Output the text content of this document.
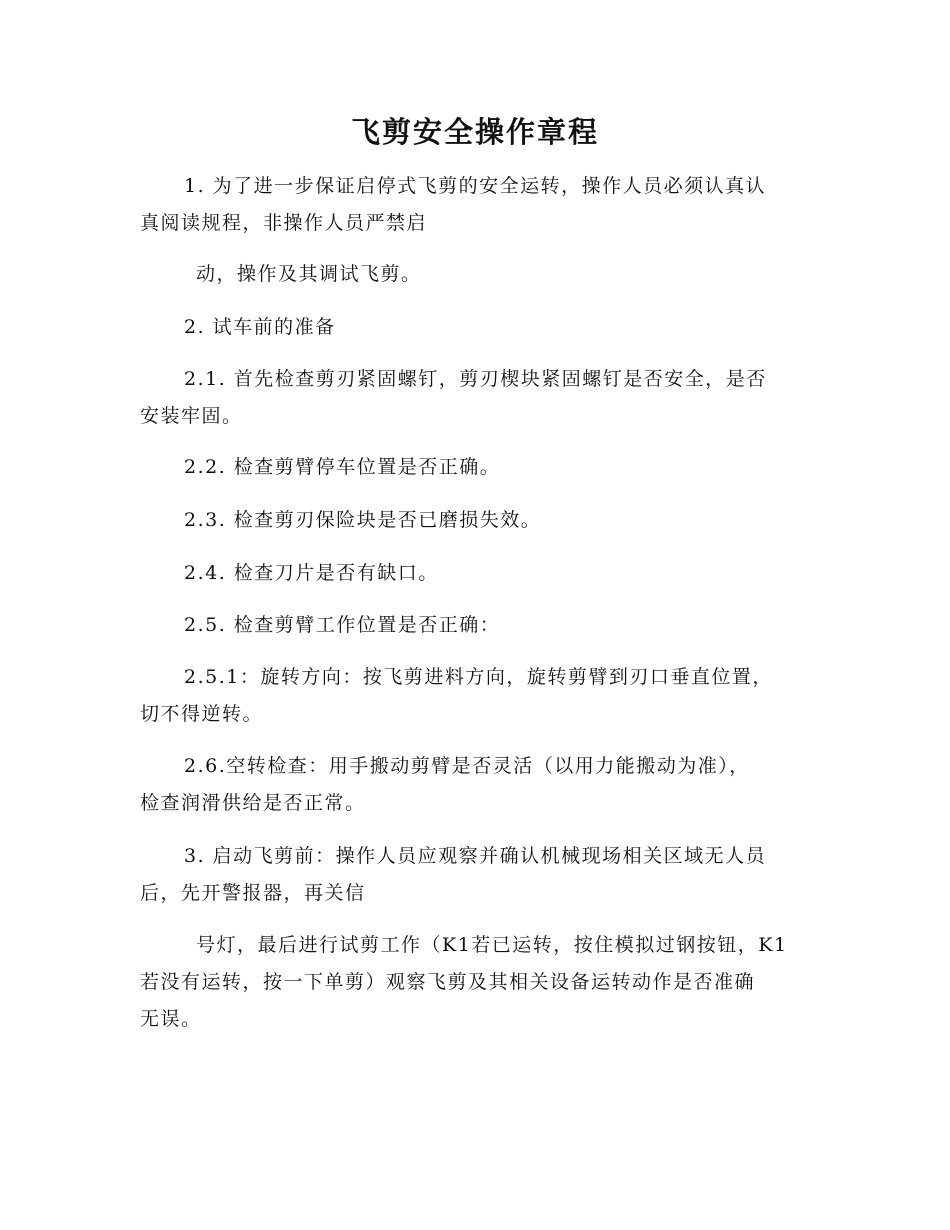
飞剪安全操作章程
1. 为了进一步保证启停式飞剪的安全运转，操作人员必须认真认
真阅读规程，非操作人员严禁启
动，操作及其调试飞剪。
2. 试车前的准备
2.1. 首先检查剪刃紧固螺钉，剪刃楔块紧固螺钉是否安全，是否
安装牢固。
2.2. 检查剪臂停车位置是否正确。
2.3. 检查剪刃保险块是否已磨损失效。
2.4. 检查刀片是否有缺口。
2.5. 检查剪臂工作位置是否正确：
2.5.1：旋转方向：按飞剪进料方向，旋转剪臂到刃口垂直位置，
切不得逆转。
2.6.空转检查：用手搬动剪臂是否灵活（以用力能搬动为准），
检查润滑供给是否正常。
3. 启动飞剪前：操作人员应观察并确认机械现场相关区域无人员
后，先开警报器，再关信
号灯，最后进行试剪工作（K1若已运转，按住模拟过钢按钮，K1
若没有运转，按一下单剪）观察飞剪及其相关设备运转动作是否准确
无误。
